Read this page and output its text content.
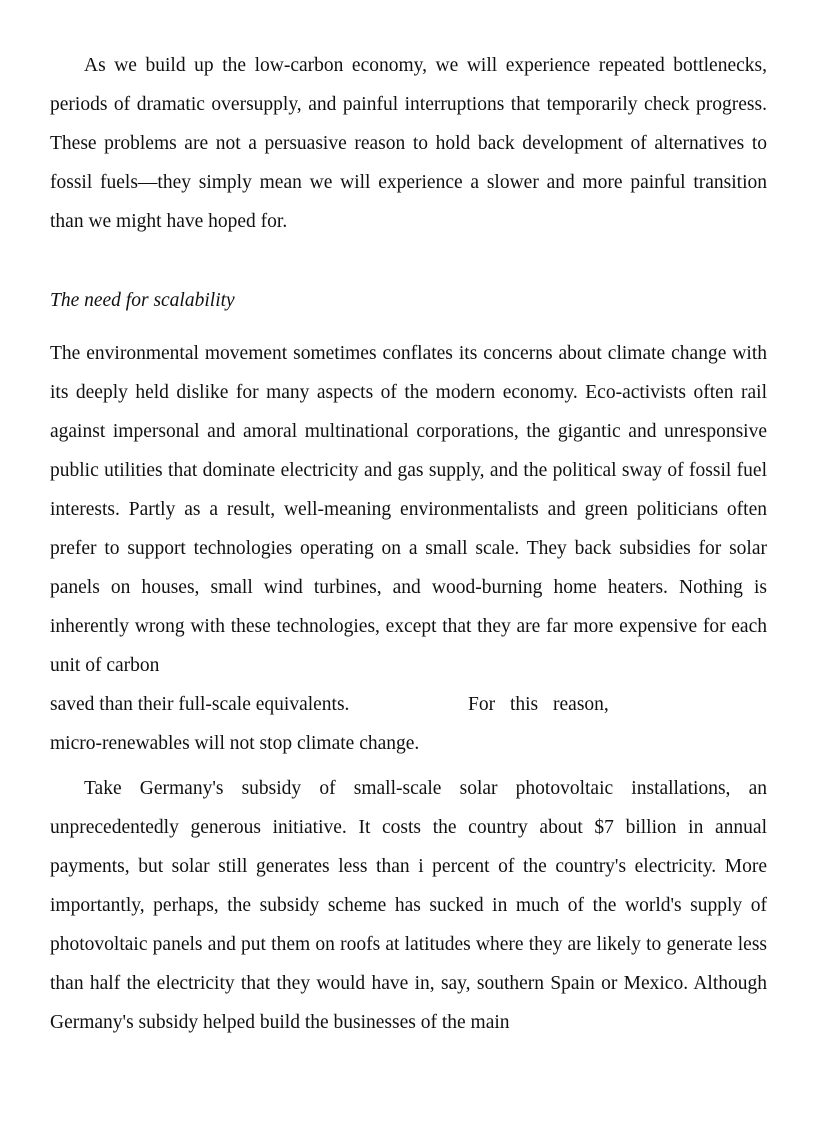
As we build up the low-carbon economy, we will experience repeated bottlenecks, periods of dramatic oversupply, and painful interruptions that temporarily check progress. These problems are not a persuasive reason to hold back development of alternatives to fossil fuels—they simply mean we will experience a slower and more painful transition than we might have hoped for.

The need for scalability

The environmental movement sometimes conflates its concerns about climate change with its deeply held dislike for many aspects of the modern economy. Eco-activists often rail against impersonal and amoral multinational corporations, the gigantic and unresponsive public utilities that dominate electricity and gas supply, and the political sway of fossil fuel interests. Partly as a result, well-meaning environmentalists and green politicians often prefer to support technologies operating on a small scale. They back subsidies for solar panels on houses, small wind turbines, and wood-burning home heaters. Nothing is inherently wrong with these technologies, except that they are far more expensive for each unit of carbon

saved than their full-scale equivalents.	For this reason,

micro-renewables will not stop climate change.

Take Germany's subsidy of small-scale solar photovoltaic installations, an unprecedentedly generous initiative. It costs the country about $7 billion in annual payments, but solar still generates less than i percent of the country's electricity. More importantly, perhaps, the subsidy scheme has sucked in much of the world's supply of photovoltaic panels and put them on roofs at latitudes where they are likely to generate less than half the electricity that they would have in, say, southern Spain or Mexico. Although Germany's subsidy helped build the businesses of the main
